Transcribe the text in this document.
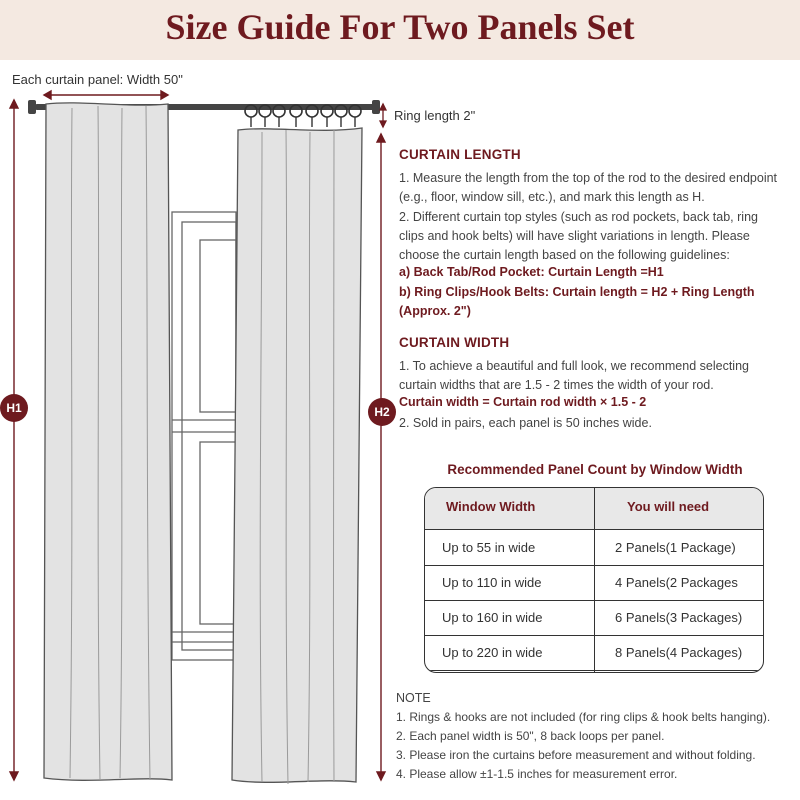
Size Guide For Two Panels Set
Each curtain panel: Width 50"
Ring length 2"
H1	H2
CURTAIN LENGTH
1. Measure the length from the top of the rod to the desired endpoint
(e.g., floor, window sill, etc.), and mark this length as H.
2. Different curtain top styles (such as rod pockets, back tab, ring
clips and hook belts) will have slight variations in length. Please
choose the curtain length based on the following guidelines:
a) Back Tab/Rod Pocket: Curtain Length =H1
b) Ring Clips/Hook Belts: Curtain length = H2 + Ring Length
(Approx. 2")
CURTAIN WIDTH
1. To achieve a beautiful and full look, we recommend selecting
curtain widths that are 1.5 - 2 times the width of your rod.
Curtain width = Curtain rod width × 1.5 - 2
2. Sold in pairs, each panel is 50 inches wide.
Recommended Panel Count by Window Width
Window Width	You will need
Up to 55 in wide	2 Panels(1 Package)
Up to 110 in wide	4 Panels(2 Packages
Up to 160 in wide	6 Panels(3 Packages)
Up to 220 in wide	8 Panels(4 Packages)
NOTE
1. Rings & hooks are not included (for ring clips & hook belts hanging).
2. Each panel width is 50", 8 back loops per panel.
3. Please iron the curtains before measurement and without folding.
4. Please allow ±1-1.5 inches for measurement error.
